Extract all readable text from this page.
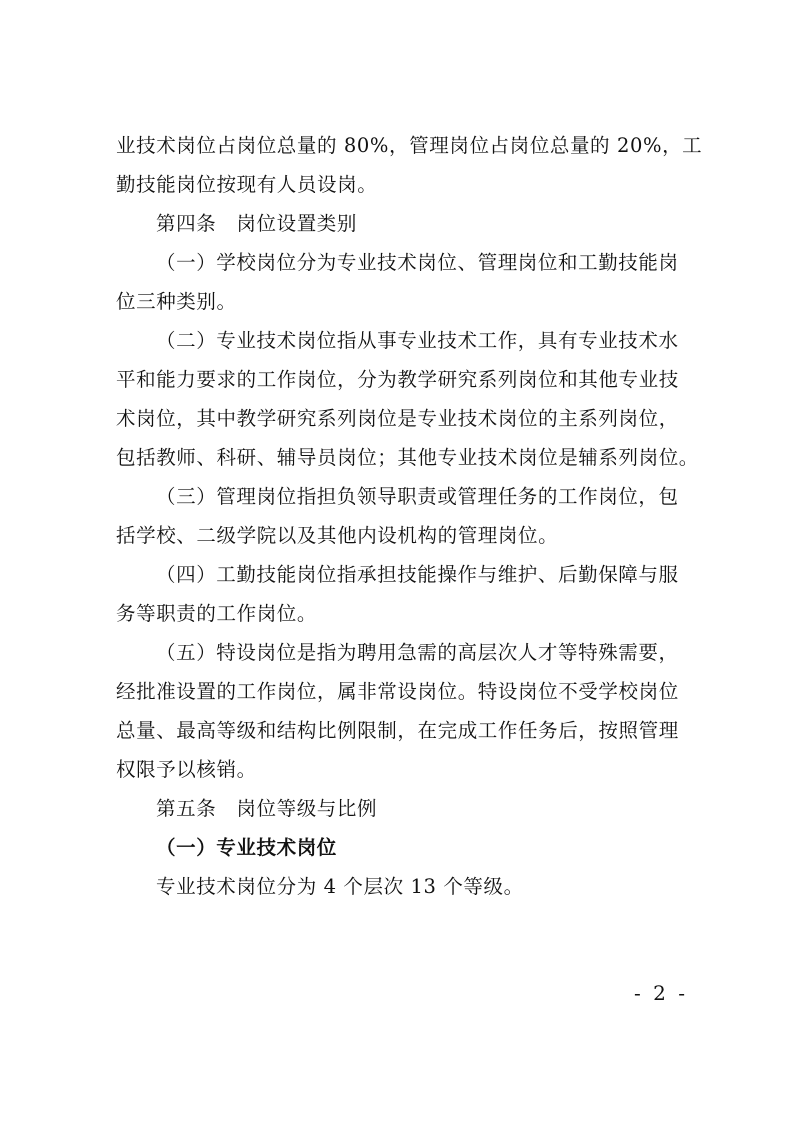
业技术岗位占岗位总量的 80%，管理岗位占岗位总量的 20%，工
勤技能岗位按现有人员设岗。
第四条　岗位设置类别
（一）学校岗位分为专业技术岗位、管理岗位和工勤技能岗
位三种类别。
（二）专业技术岗位指从事专业技术工作，具有专业技术水
平和能力要求的工作岗位，分为教学研究系列岗位和其他专业技
术岗位，其中教学研究系列岗位是专业技术岗位的主系列岗位，
包括教师、科研、辅导员岗位；其他专业技术岗位是辅系列岗位。
（三）管理岗位指担负领导职责或管理任务的工作岗位，包
括学校、二级学院以及其他内设机构的管理岗位。
（四）工勤技能岗位指承担技能操作与维护、后勤保障与服
务等职责的工作岗位。
（五）特设岗位是指为聘用急需的高层次人才等特殊需要，
经批准设置的工作岗位，属非常设岗位。特设岗位不受学校岗位
总量、最高等级和结构比例限制，在完成工作任务后，按照管理
权限予以核销。
第五条　岗位等级与比例
（一）专业技术岗位
专业技术岗位分为 4 个层次 13 个等级。
- 2 -
